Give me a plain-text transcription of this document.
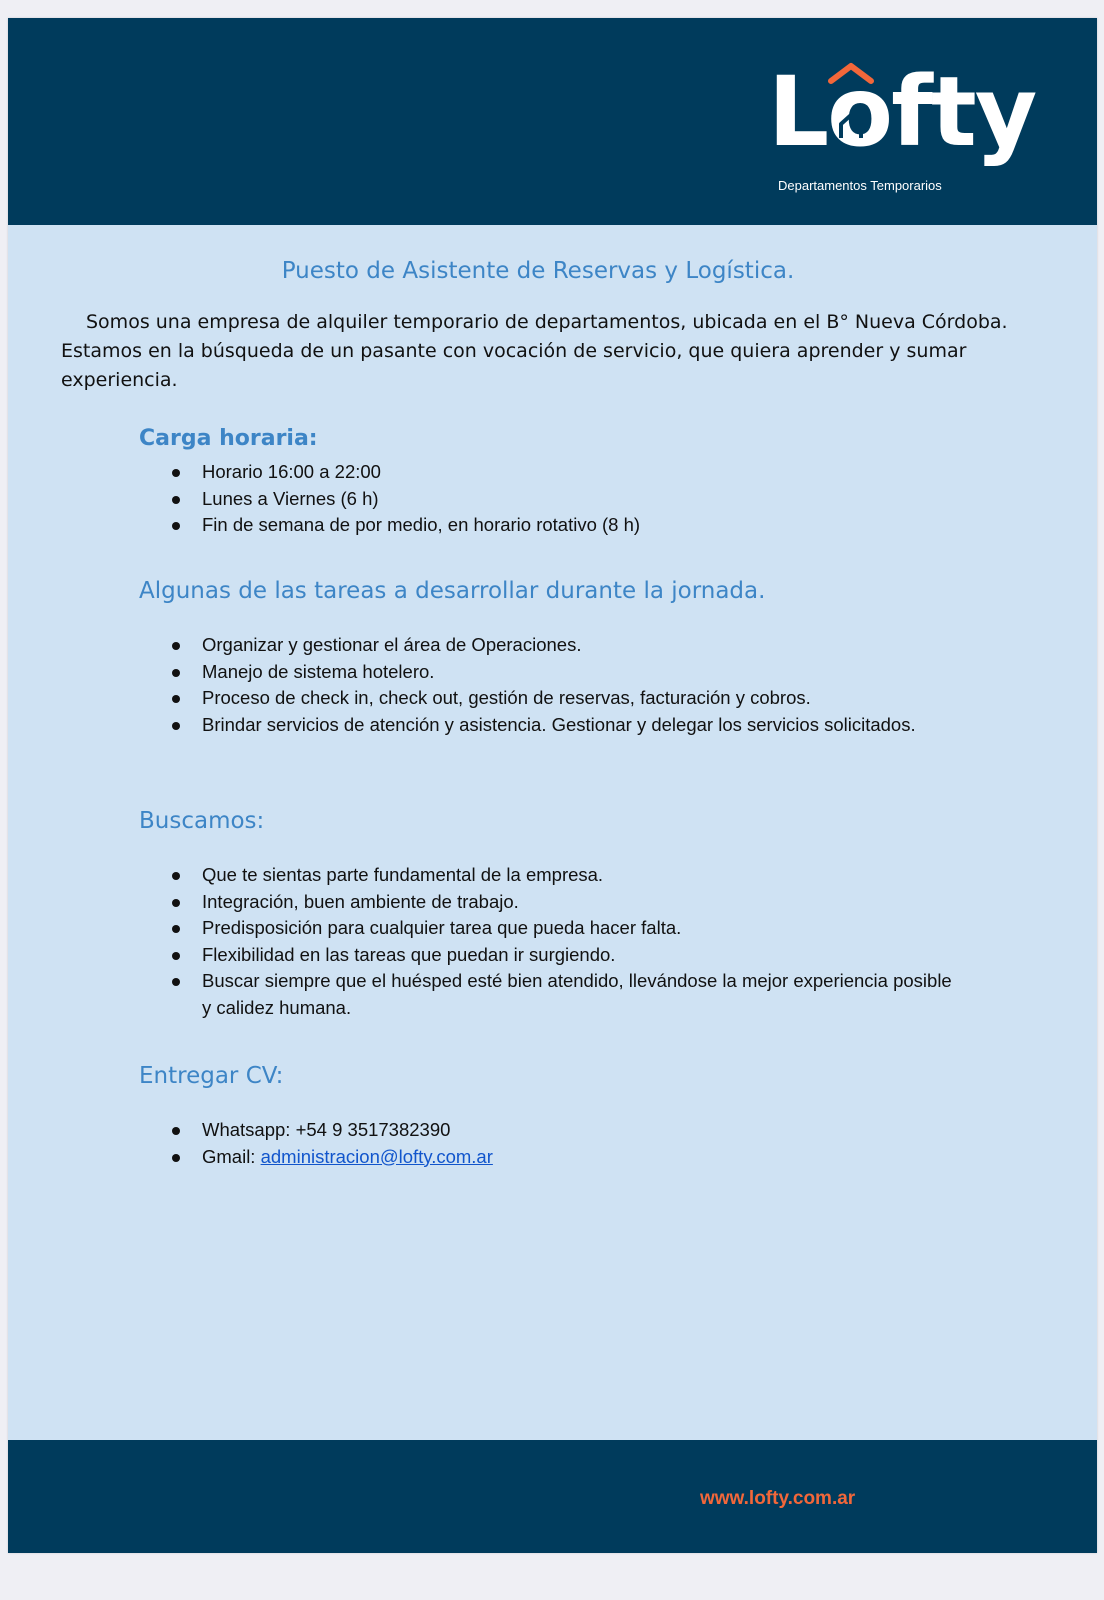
Lofty
Departamentos Temporarios
Puesto de Asistente de Reservas y Logística.

Somos una empresa de alquiler temporario de departamentos, ubicada en el B° Nueva Córdoba. Estamos en la búsqueda de un pasante con vocación de servicio, que quiera aprender y sumar experiencia.

Carga horaria:
Horario 16:00 a 22:00
Lunes a Viernes (6 h)
Fin de semana de por medio, en horario rotativo (8 h)
Algunas de las tareas a desarrollar durante la jornada.
Organizar y gestionar el área de Operaciones.
Manejo de sistema hotelero.
Proceso de check in, check out, gestión de reservas, facturación y cobros.
Brindar servicios de atención y asistencia. Gestionar y delegar los servicios solicitados.
Buscamos:
Que te sientas parte fundamental de la empresa.
Integración, buen ambiente de trabajo.
Predisposición para cualquier tarea que pueda hacer falta.
Flexibilidad en las tareas que puedan ir surgiendo.
Buscar siempre que el huésped esté bien atendido, llevándose la mejor experiencia posible y calidez humana.
Entregar CV:
Whatsapp: +54 9 3517382390
Gmail: administracion@lofty.com.ar
www.lofty.com.ar
